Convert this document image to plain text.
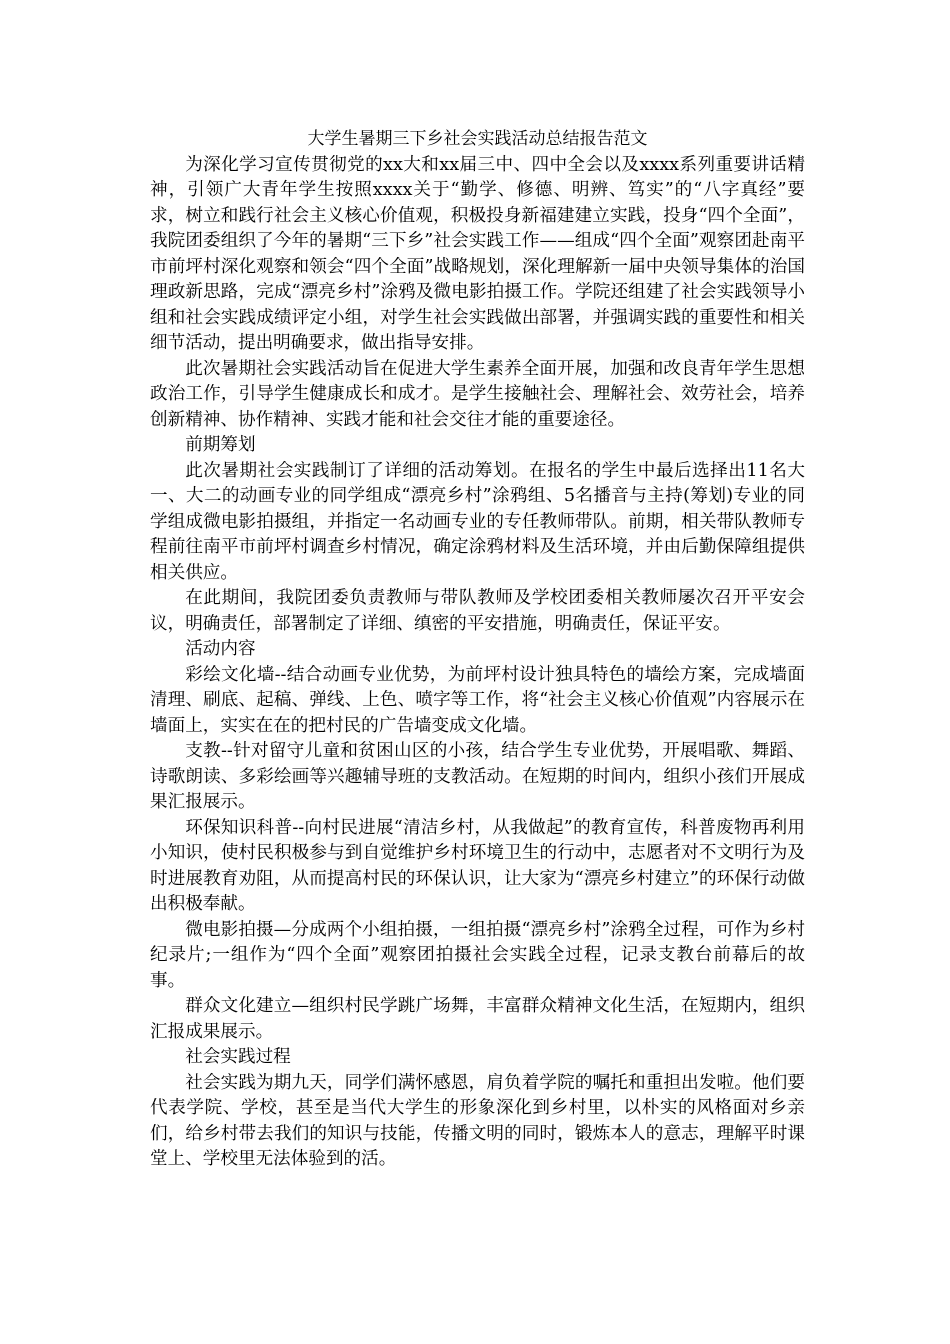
大学生暑期三下乡社会实践活动总结报告范文

为深化学习宣传贯彻党的xx大和xx届三中、四中全会以及xxxx系列重要讲话精神，引领广大青年学生按照xxxx关于“勤学、修德、明辨、笃实”的“八字真经”要求，树立和践行社会主义核心价值观，积极投身新福建建立实践，投身“四个全面”，我院团委组织了今年的暑期“三下乡”社会实践工作——组成“四个全面”观察团赴南平市前坪村深化观察和领会“四个全面”战略规划，深化理解新一届中央领导集体的治国理政新思路，完成“漂亮乡村”涂鸦及微电影拍摄工作。学院还组建了社会实践领导小组和社会实践成绩评定小组，对学生社会实践做出部署，并强调实践的重要性和相关细节活动，提出明确要求，做出指导安排。

此次暑期社会实践活动旨在促进大学生素养全面开展，加强和改良青年学生思想政治工作，引导学生健康成长和成才。是学生接触社会、理解社会、效劳社会，培养创新精神、协作精神、实践才能和社会交往才能的重要途径。

前期筹划

此次暑期社会实践制订了详细的活动筹划。在报名的学生中最后选择出11名大一、大二的动画专业的同学组成“漂亮乡村”涂鸦组、5名播音与主持(筹划)专业的同学组成微电影拍摄组，并指定一名动画专业的专任教师带队。前期，相关带队教师专程前往南平市前坪村调查乡村情况，确定涂鸦材料及生活环境，并由后勤保障组提供相关供应。

在此期间，我院团委负责教师与带队教师及学校团委相关教师屡次召开平安会议，明确责任，部署制定了详细、缜密的平安措施，明确责任，保证平安。

活动内容

彩绘文化墙--结合动画专业优势，为前坪村设计独具特色的墙绘方案，完成墙面清理、刷底、起稿、弹线、上色、喷字等工作，将“社会主义核心价值观”内容展示在墙面上，实实在在的把村民的广告墙变成文化墙。

支教--针对留守儿童和贫困山区的小孩，结合学生专业优势，开展唱歌、舞蹈、诗歌朗读、多彩绘画等兴趣辅导班的支教活动。在短期的时间内，组织小孩们开展成果汇报展示。

环保知识科普--向村民进展“清洁乡村，从我做起”的教育宣传，科普废物再利用小知识，使村民积极参与到自觉维护乡村环境卫生的行动中，志愿者对不文明行为及时进展教育劝阻，从而提高村民的环保认识，让大家为“漂亮乡村建立”的环保行动做出积极奉献。

微电影拍摄—分成两个小组拍摄，一组拍摄“漂亮乡村”涂鸦全过程，可作为乡村纪录片;一组作为“四个全面”观察团拍摄社会实践全过程，记录支教台前幕后的故事。

群众文化建立—组织村民学跳广场舞，丰富群众精神文化生活，在短期内，组织汇报成果展示。

社会实践过程

社会实践为期九天，同学们满怀感恩，肩负着学院的嘱托和重担出发啦。他们要代表学院、学校，甚至是当代大学生的形象深化到乡村里，以朴实的风格面对乡亲们，给乡村带去我们的知识与技能，传播文明的同时，锻炼本人的意志，理解平时课堂上、学校里无法体验到的活。
